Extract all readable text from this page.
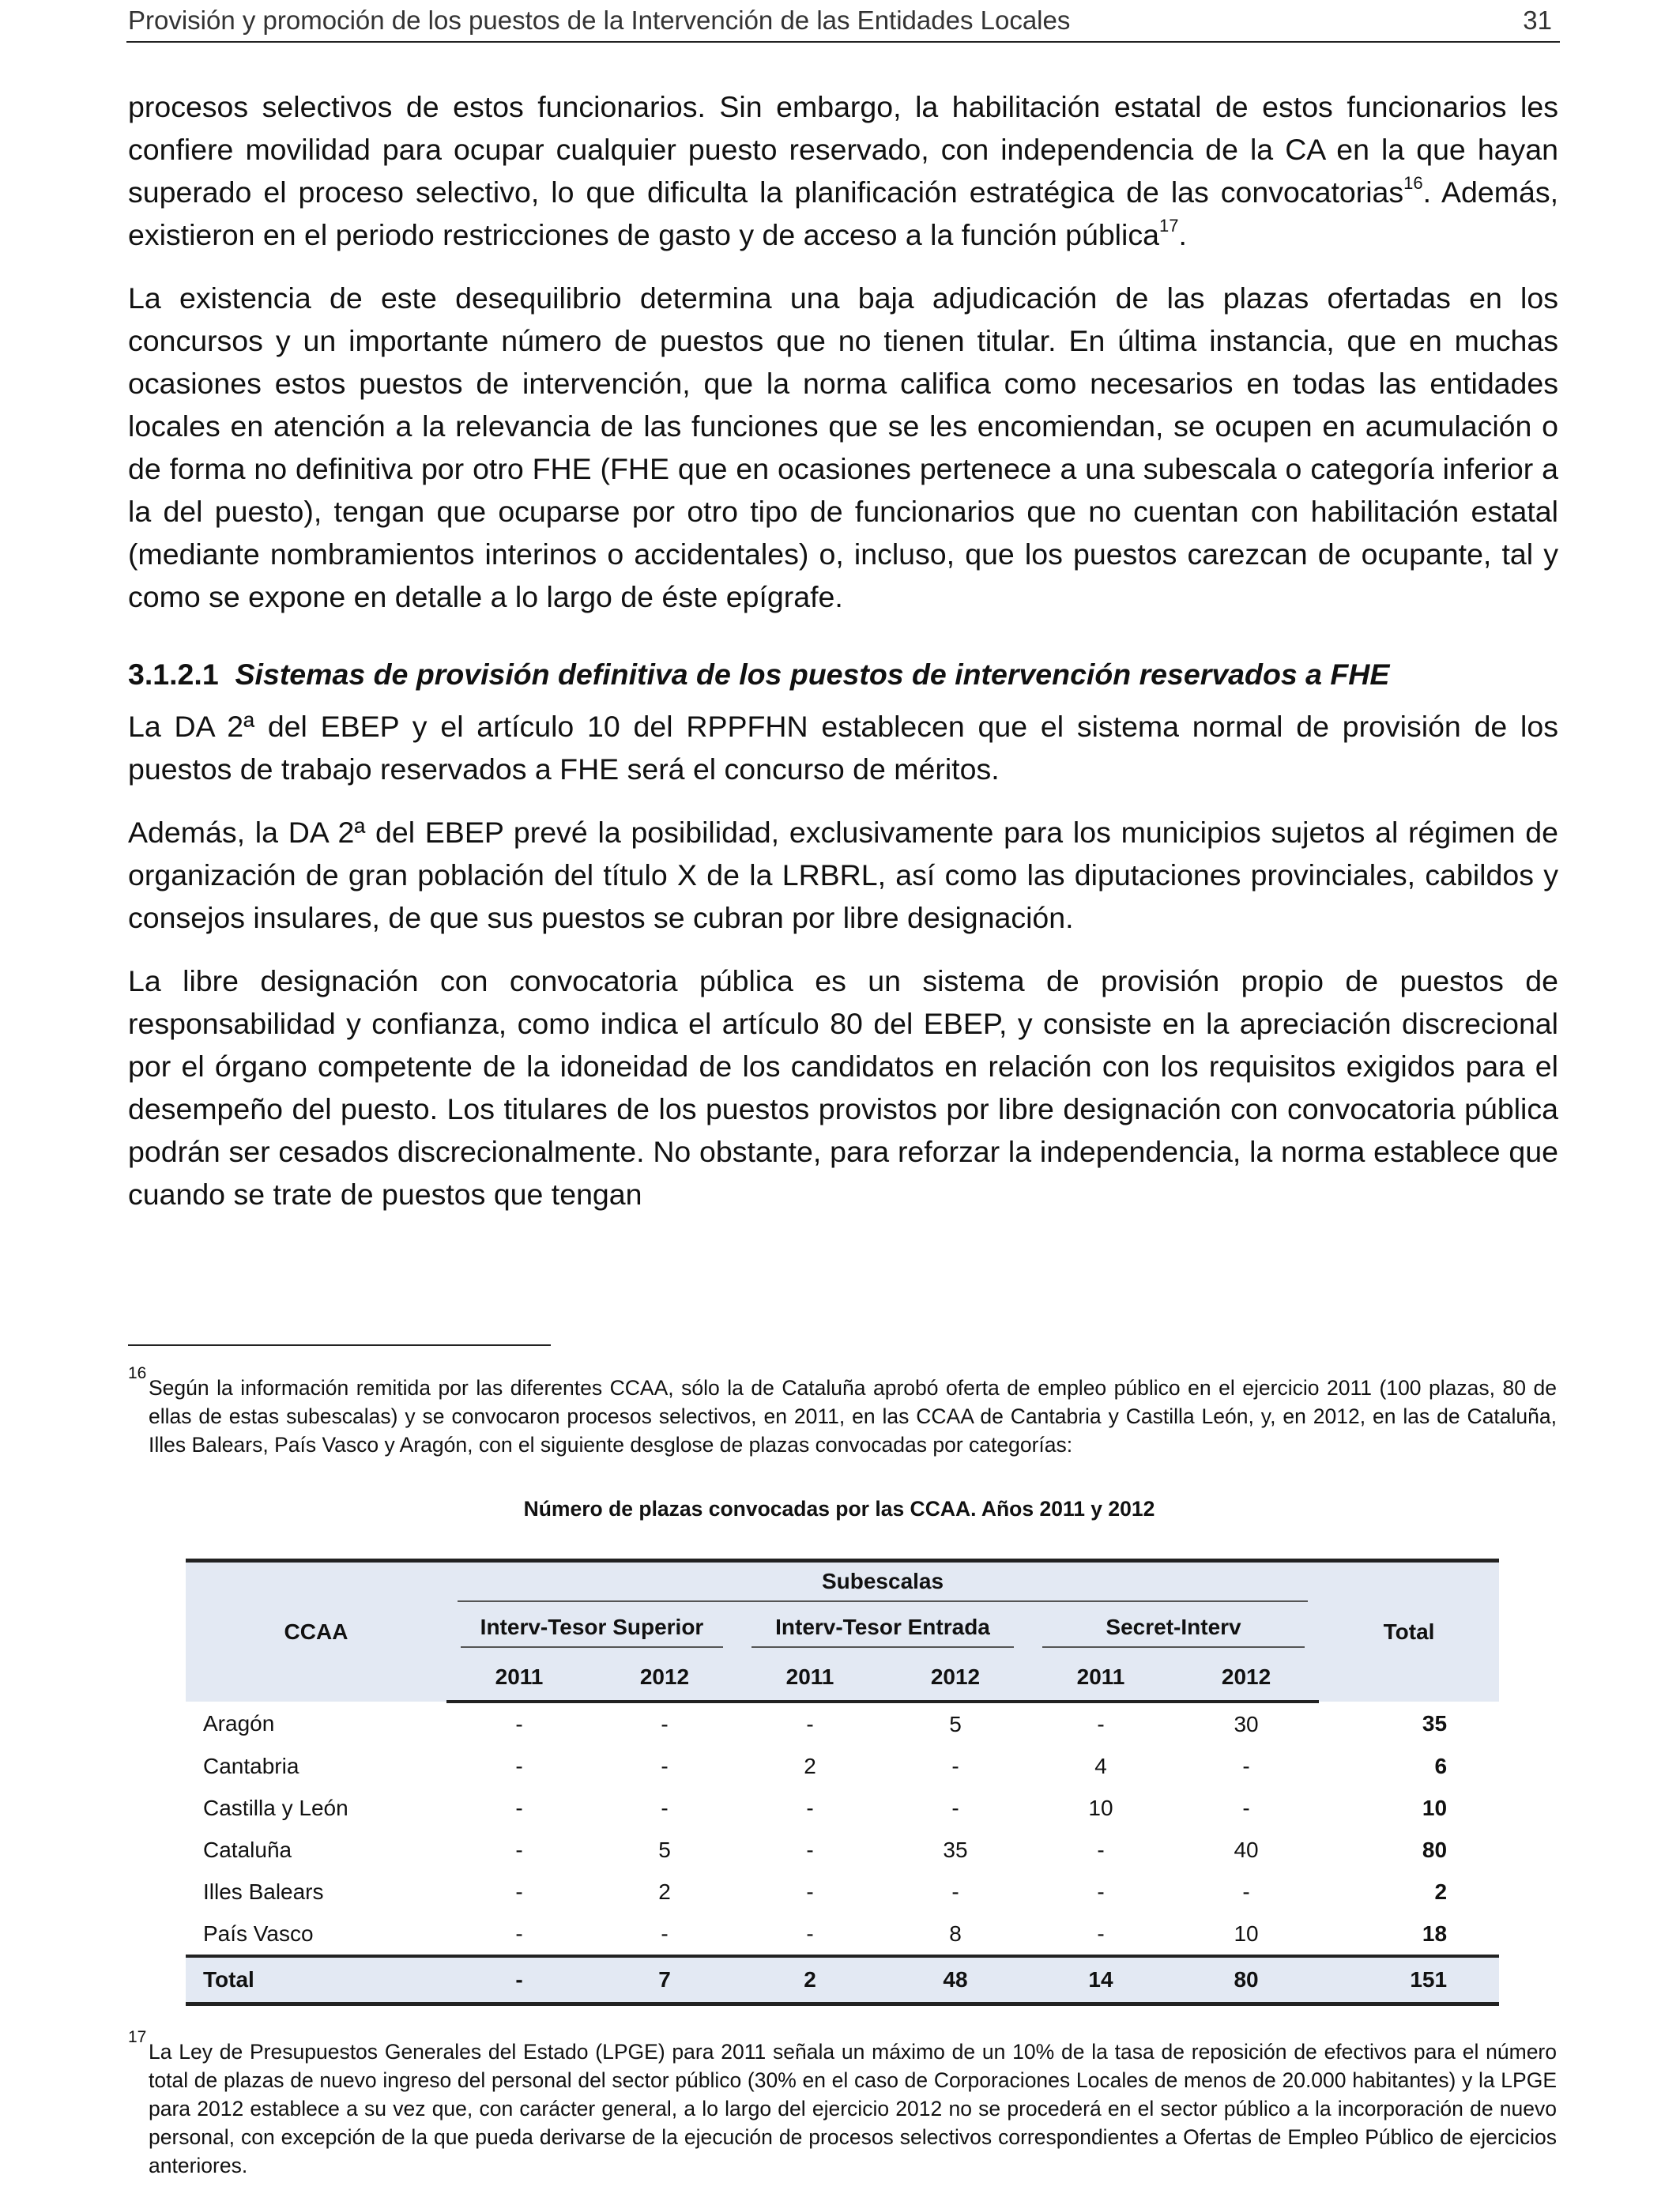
Provisión y promoción de los puestos de la Intervención de las Entidades Locales	31

procesos selectivos de estos funcionarios. Sin embargo, la habilitación estatal de estos funcionarios les confiere movilidad para ocupar cualquier puesto reservado, con independencia de la CA en la que hayan superado el proceso selectivo, lo que dificulta la planificación estratégica de las convocatorias$^{16}$. Además, existieron en el periodo restricciones de gasto y de acceso a la función pública$^{17}$.

La existencia de este desequilibrio determina una baja adjudicación de las plazas ofertadas en los concursos y un importante número de puestos que no tienen titular. En última instancia, que en muchas ocasiones estos puestos de intervención, que la norma califica como necesarios en todas las entidades locales en atención a la relevancia de las funciones que se les encomiendan, se ocupen en acumulación o de forma no definitiva por otro FHE (FHE que en ocasiones pertenece a una subescala o categoría inferior a la del puesto), tengan que ocuparse por otro tipo de funcionarios que no cuentan con habilitación estatal (mediante nombramientos interinos o accidentales) o, incluso, que los puestos carezcan de ocupante, tal y como se expone en detalle a lo largo de éste epígrafe.

3.1.2.1 Sistemas de provisión definitiva de los puestos de intervención reservados a FHE

La DA 2ª del EBEP y el artículo 10 del RPPFHN establecen que el sistema normal de provisión de los puestos de trabajo reservados a FHE será el concurso de méritos.

Además, la DA 2ª del EBEP prevé la posibilidad, exclusivamente para los municipios sujetos al régimen de organización de gran población del título X de la LRBRL, así como las diputaciones provinciales, cabildos y consejos insulares, de que sus puestos se cubran por libre designación.

La libre designación con convocatoria pública es un sistema de provisión propio de puestos de responsabilidad y confianza, como indica el artículo 80 del EBEP, y consiste en la apreciación discrecional por el órgano competente de la idoneidad de los candidatos en relación con los requisitos exigidos para el desempeño del puesto. Los titulares de los puestos provistos por libre designación con convocatoria pública podrán ser cesados discrecionalmente. No obstante, para reforzar la independencia, la norma establece que cuando se trate de puestos que tengan

16
Según la información remitida por las diferentes CCAA, sólo la de Cataluña aprobó oferta de empleo público en el ejercicio 2011 (100 plazas, 80 de ellas de estas subescalas) y se convocaron procesos selectivos, en 2011, en las CCAA de Cantabria y Castilla León, y, en 2012, en las de Cataluña, Illes Balears, País Vasco y Aragón, con el siguiente desglose de plazas convocadas por categorías:
Número de plazas convocadas por las CCAA. Años 2011 y 2012
CCAA	Subescalas						Total

	Interv-Tesor Superior		Interv-Tesor Entrada		Secret-Interv		

	2011	2012	2011	2012	2011	2012	
Aragón	-	-	-	5	-	30	35
Cantabria	-	-	2	-	4	-	6
Castilla y León	-	-	-	-	10	-	10
Cataluña	-	5	-	35	-	40	80
Illes Balears	-	2	-	-	-	-	2
País Vasco	-	-	-	8	-	10	18
Total	-	7	2	48	14	80	151
17
La Ley de Presupuestos Generales del Estado (LPGE) para 2011 señala un máximo de un 10% de la tasa de reposición de efectivos para el número total de plazas de nuevo ingreso del personal del sector público (30% en el caso de Corporaciones Locales de menos de 20.000 habitantes) y la LPGE para 2012 establece a su vez que, con carácter general, a lo largo del ejercicio 2012 no se procederá en el sector público a la incorporación de nuevo personal, con excepción de la que pueda derivarse de la ejecución de procesos selectivos correspondientes a Ofertas de Empleo Público de ejercicios anteriores.
